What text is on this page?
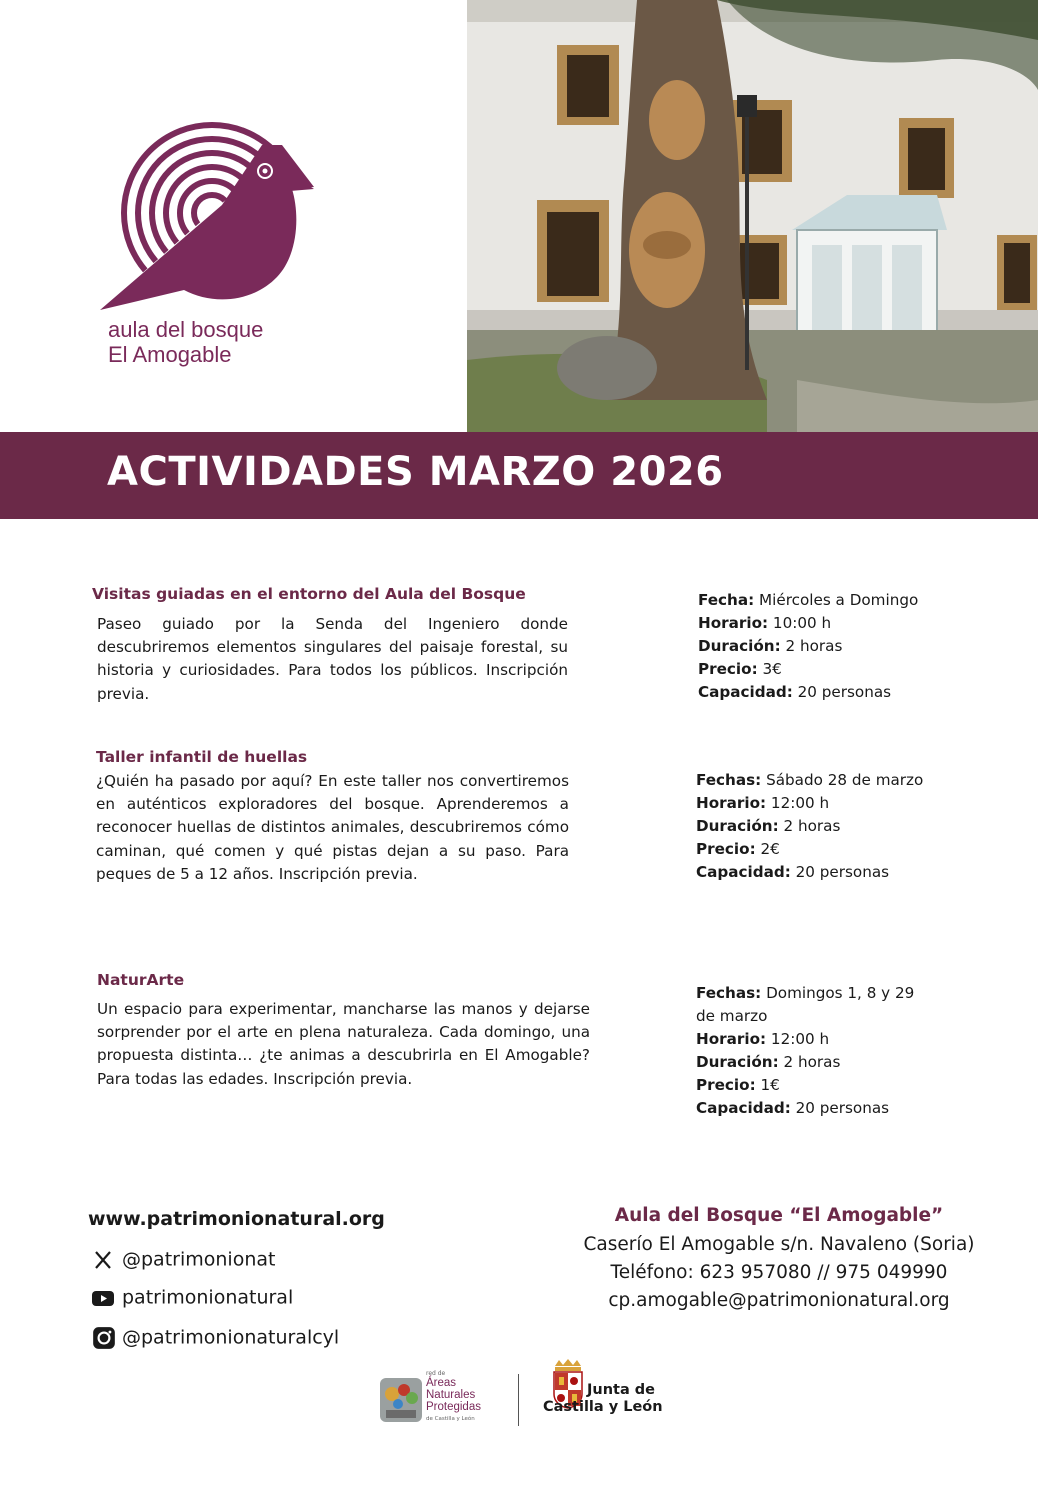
aula del bosque
El Amogable
ACTIVIDADES MARZO 2026
Visitas guiadas en el entorno del Aula del Bosque
Paseo guiado por la Senda del Ingeniero donde descubriremos elementos singulares del paisaje forestal, su historia y curiosidades. Para todos los públicos. Inscripción previa.
Fecha: Miércoles a Domingo
Horario: 10:00 h
Duración: 2 horas
Precio: 3€
Capacidad: 20 personas
Taller infantil de huellas
¿Quién ha pasado por aquí? En este taller nos convertiremos en auténticos exploradores del bosque. Aprenderemos a reconocer huellas de distintos animales, descubriremos cómo caminan, qué comen y qué pistas dejan a su paso. Para peques de 5 a 12 años. Inscripción previa.
Fechas: Sábado 28 de marzo
Horario: 12:00 h
Duración: 2 horas
Precio: 2€
Capacidad: 20 personas
NaturArte
Un espacio para experimentar, mancharse las manos y dejarse sorprender por el arte en plena naturaleza. Cada domingo, una propuesta distinta… ¿te animas a descubrirla en El Amogable? Para todas las edades. Inscripción previa.
Fechas: Domingos 1, 8 y 29 de marzo
Horario: 12:00 h
Duración: 2 horas
Precio: 1€
Capacidad: 20 personas
www.patrimonionatural.org
@patrimonionat
patrimonionatural
@patrimonionaturalcyl
Aula del Bosque “El Amogable”
Caserío El Amogable s/n. Navaleno (Soria)
Teléfono: 623 957080 // 975 049990
cp.amogable@patrimonionatural.org
red de
Áreas
Naturales
Protegidas
de Castilla y León
Junta de
Castilla y León
